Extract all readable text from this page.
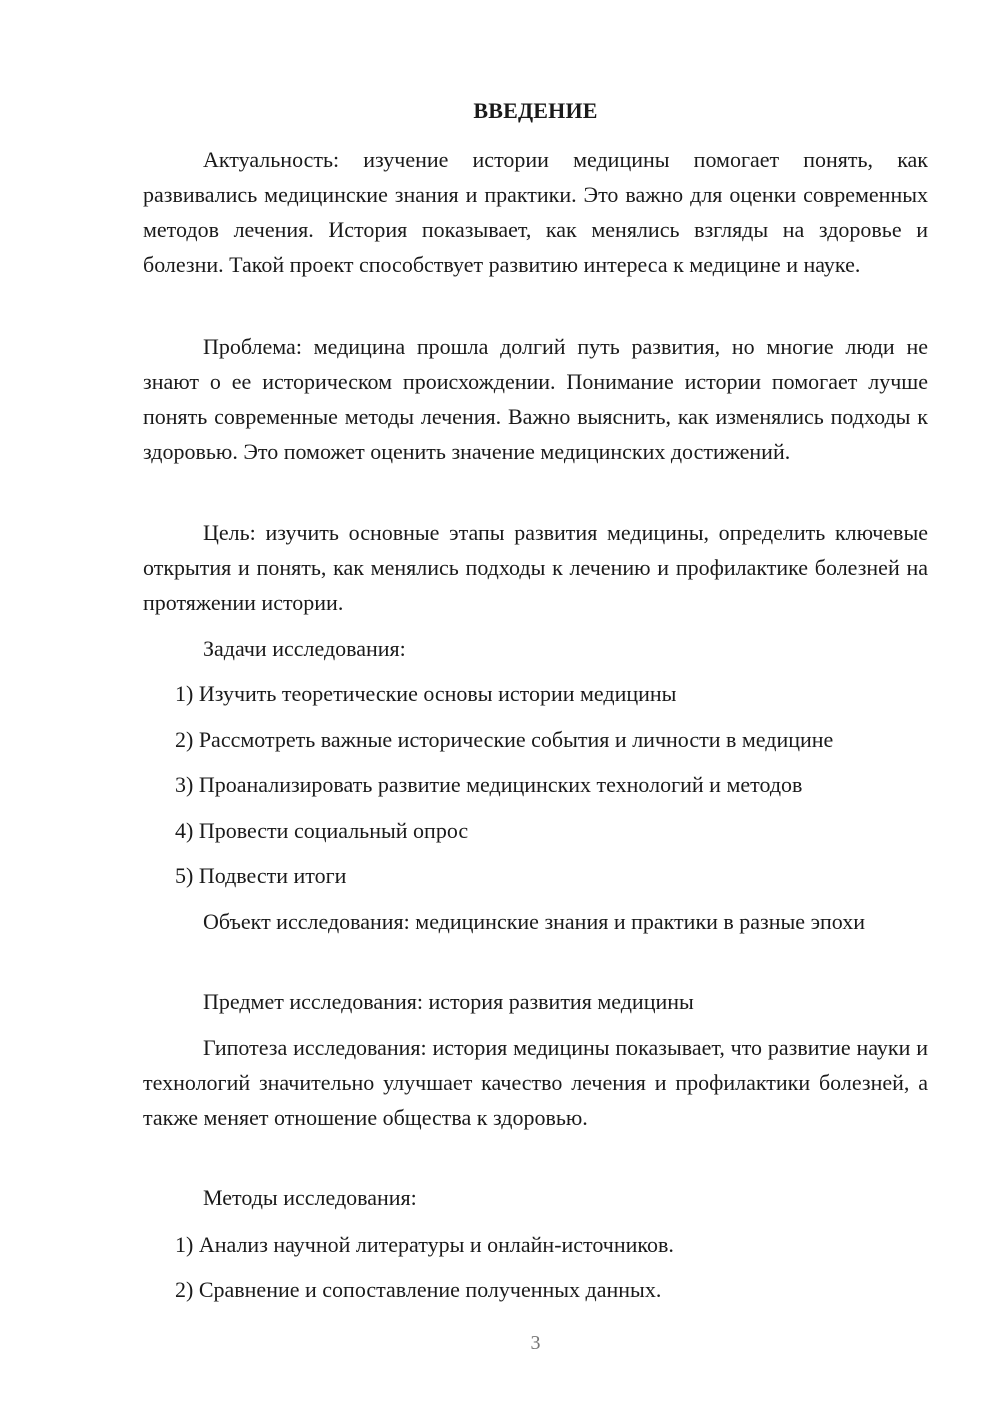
ВВЕДЕНИЕ

Актуальность: изучение истории медицины помогает понять, как развивались медицинские знания и практики. Это важно для оценки современных методов лечения. История показывает, как менялись взгляды на здоровье и болезни. Такой проект способствует развитию интереса к медицине и науке.

Проблема: медицина прошла долгий путь развития, но многие люди не знают о ее историческом происхождении. Понимание истории помогает лучше понять современные методы лечения. Важно выяснить, как изменялись подходы к здоровью. Это поможет оценить значение медицинских достижений.

Цель: изучить основные этапы развития медицины, определить ключевые открытия и понять, как менялись подходы к лечению и профилактике болезней на протяжении истории.

Задачи исследования:

1) Изучить теоретические основы истории медицины

2) Рассмотреть важные исторические события и личности в медицине

3) Проанализировать развитие медицинских технологий и методов

4) Провести социальный опрос

5) Подвести итоги

Объект исследования: медицинские знания и практики в разные эпохи

Предмет исследования: история развития медицины

Гипотеза исследования: история медицины показывает, что развитие науки и технологий значительно улучшает качество лечения и профилактики болезней, а также меняет отношение общества к здоровью.

Методы исследования:

1) Анализ научной литературы и онлайн-источников.

2) Сравнение и сопоставление полученных данных.

3
